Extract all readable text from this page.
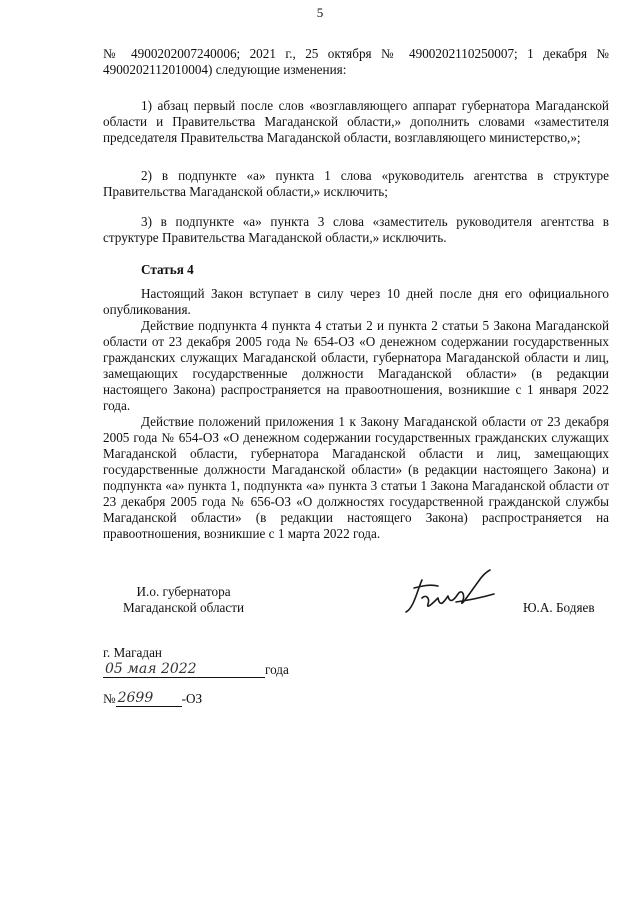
5

№ 4900202007240006; 2021 г., 25 октября № 4900202110250007; 1 декабря № 4900202112010004) следующие изменения:

1) абзац первый после слов «возглавляющего аппарат губернатора Магаданской области и Правительства Магаданской области,» дополнить словами «заместителя председателя Правительства Магаданской области, возглавляющего министерство,»;

2) в подпункте «а» пункта 1 слова «руководитель агентства в структуре Правительства Магаданской области,» исключить;

3) в подпункте «а» пункта 3 слова «заместитель руководителя агентства в структуре Правительства Магаданской области,» исключить.

Статья 4

Настоящий Закон вступает в силу через 10 дней после дня его официального опубликования.

Действие подпункта 4 пункта 4 статьи 2 и пункта 2 статьи 5 Закона Магаданской области от 23 декабря 2005 года № 654-ОЗ «О денежном содержании государственных гражданских служащих Магаданской области, губернатора Магаданской области и лиц, замещающих государственные должности Магаданской области» (в редакции настоящего Закона) распространяется на правоотношения, возникшие с 1 января 2022 года.

Действие положений приложения 1 к Закону Магаданской области от 23 декабря 2005 года № 654-ОЗ «О денежном содержании государственных гражданских служащих Магаданской области, губернатора Магаданской области и лиц, замещающих государственные должности Магаданской области» (в редакции настоящего Закона) и подпункта «а» пункта 1, подпункта «а» пункта 3 статьи 1 Закона Магаданской области от 23 декабря 2005 года № 656-ОЗ «О должностях государственной гражданской службы Магаданской области» (в редакции настоящего Закона) распространяется на правоотношения, возникшие с 1 марта 2022 года.

И.о. губернатора
Магаданской области	Ю.А. Бодяев
г. Магадан
05 мая 2022	года
№ 2699	-ОЗ
